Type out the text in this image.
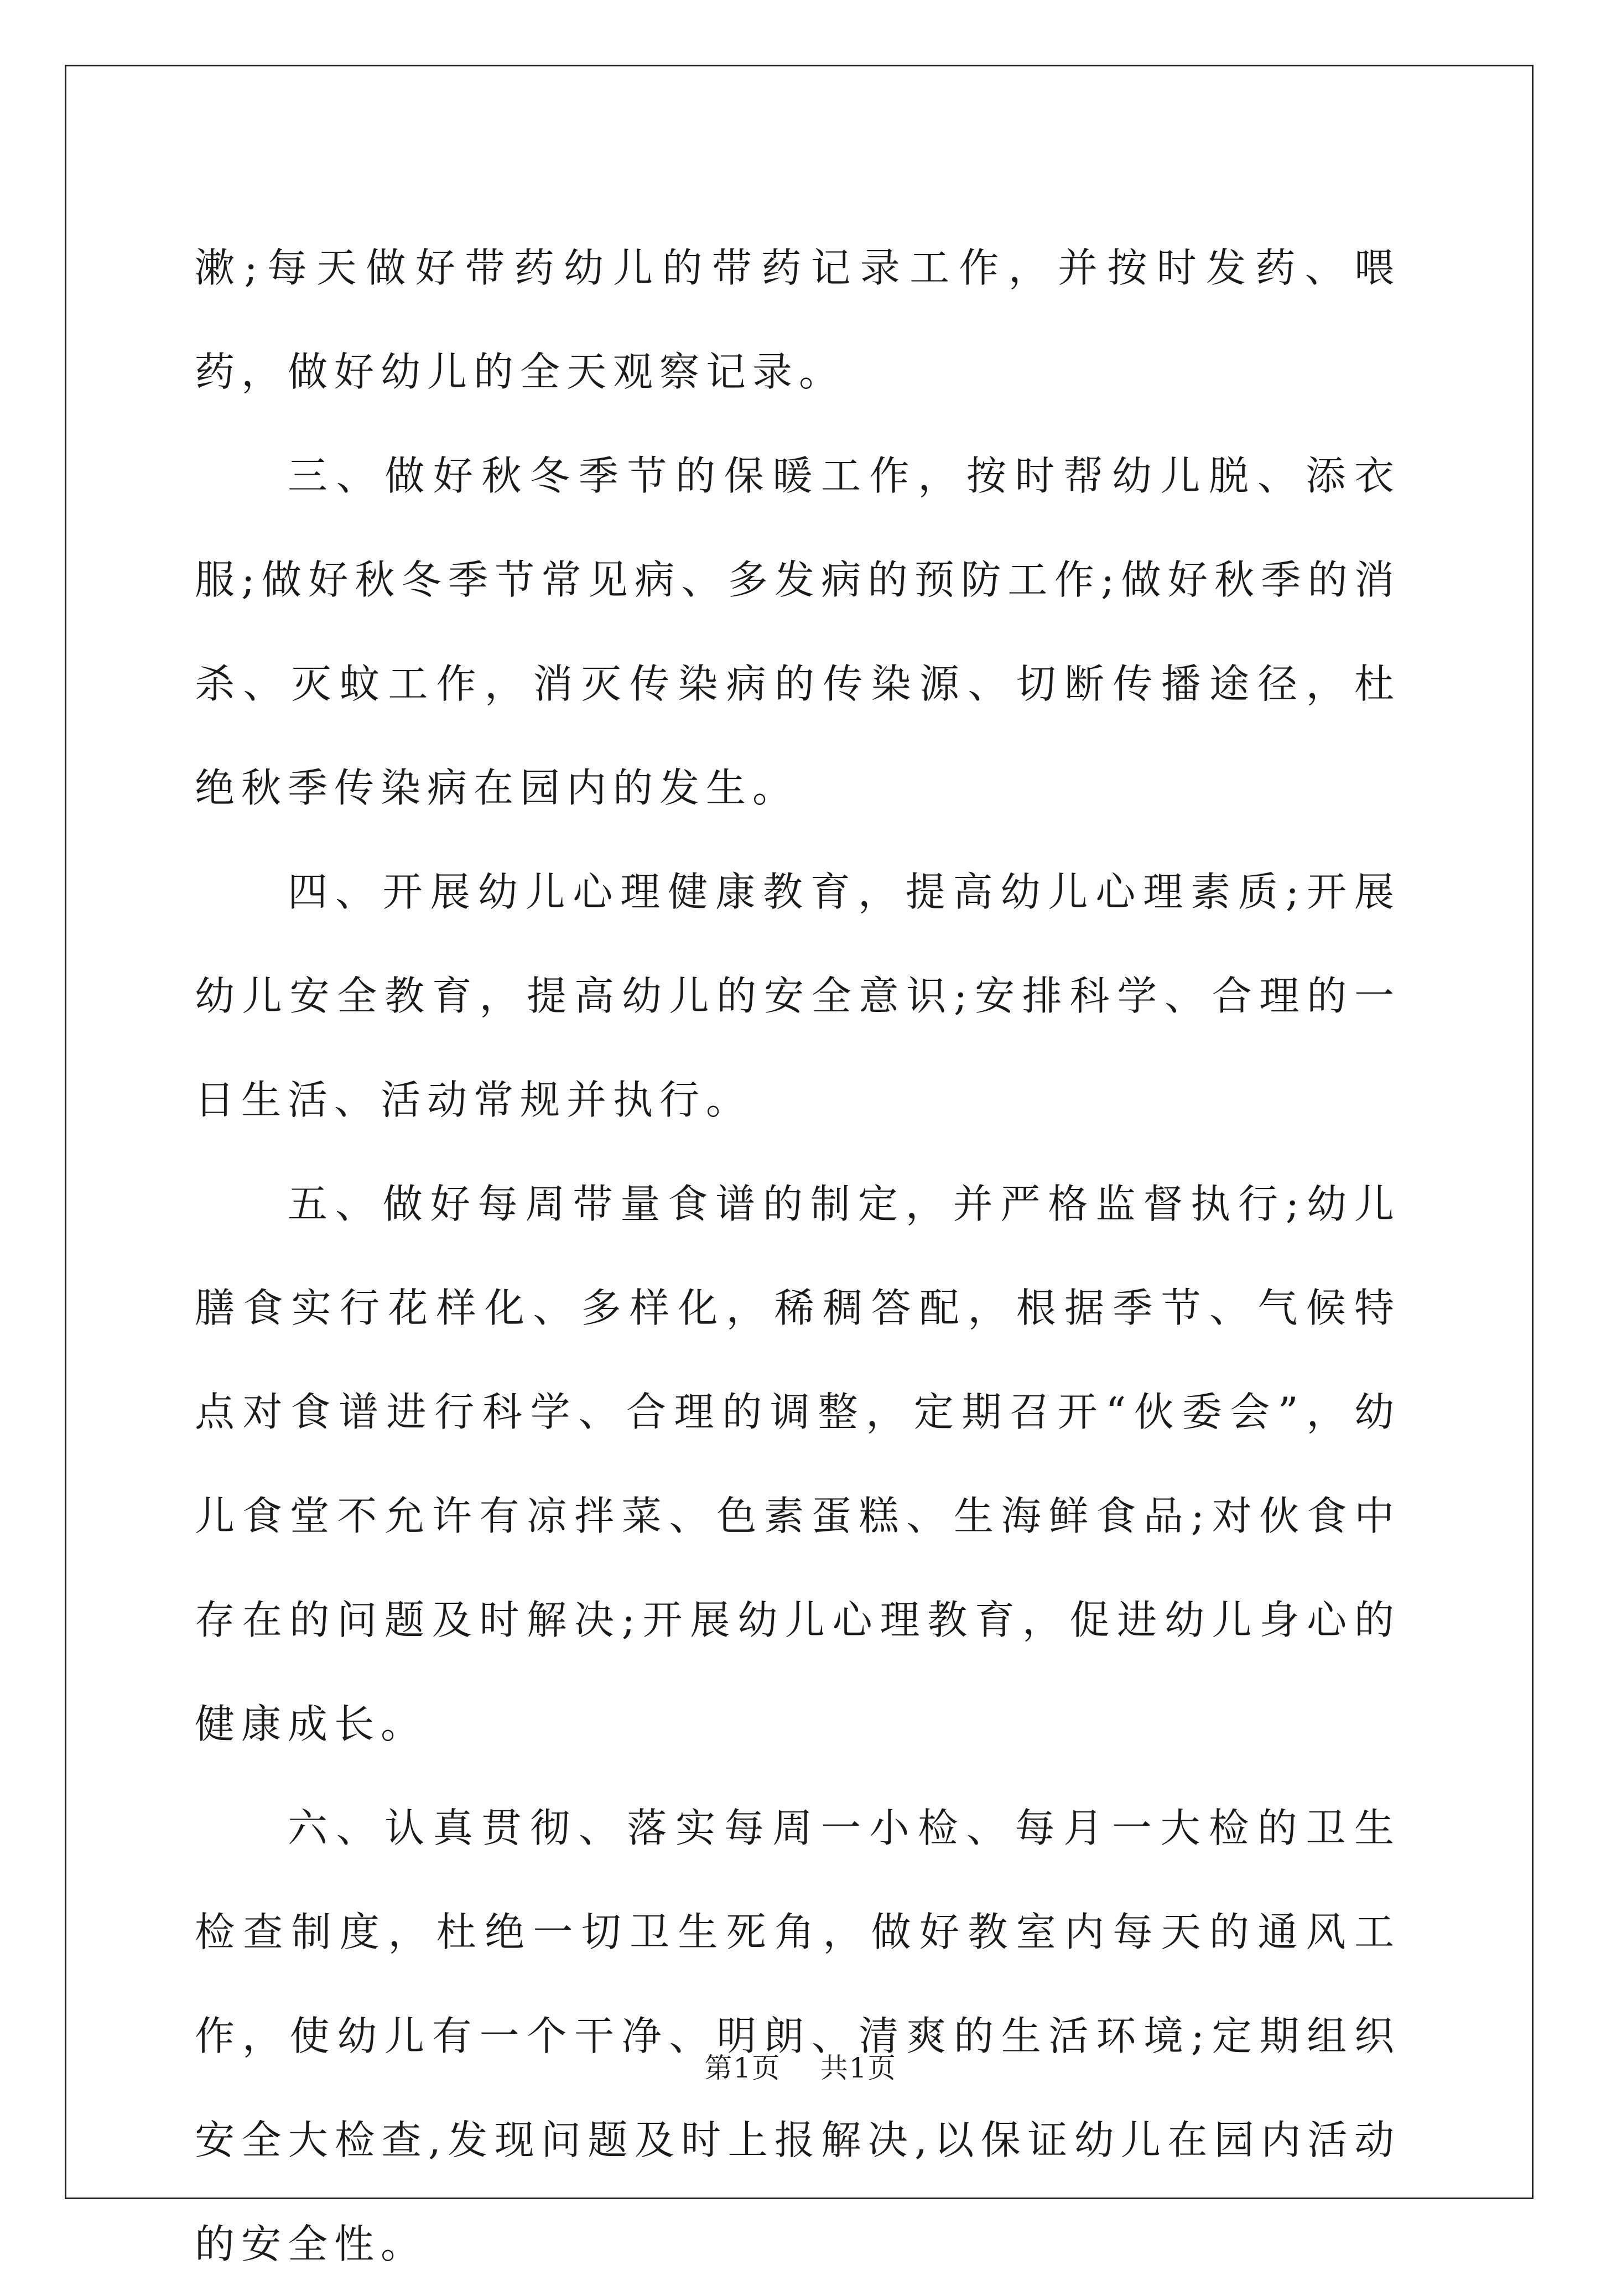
漱;每天做好带药幼儿的带药记录工作，并按时发药、喂药，做好幼儿的全天观察记录。

三、做好秋冬季节的保暖工作，按时帮幼儿脱、添衣服;做好秋冬季节常见病、多发病的预防工作;做好秋季的消杀、灭蚊工作，消灭传染病的传染源、切断传播途径，杜绝秋季传染病在园内的发生。

四、开展幼儿心理健康教育，提高幼儿心理素质;开展幼儿安全教育，提高幼儿的安全意识;安排科学、合理的一日生活、活动常规并执行。

五、做好每周带量食谱的制定，并严格监督执行;幼儿膳食实行花样化、多样化，稀稠答配，根据季节、气候特点对食谱进行科学、合理的调整，定期召开“伙委会”，幼儿食堂不允许有凉拌菜、色素蛋糕、生海鲜食品;对伙食中存在的问题及时解决;开展幼儿心理教育，促进幼儿身心的健康成长。

六、认真贯彻、落实每周一小检、每月一大检的卫生检查制度，杜绝一切卫生死角，做好教室内每天的通风工作，使幼儿有一个干净、明朗、清爽的生活环境;定期组织安全大检查,发现问题及时上报解决,以保证幼儿在园内活动的安全性。

第1页 共1页
